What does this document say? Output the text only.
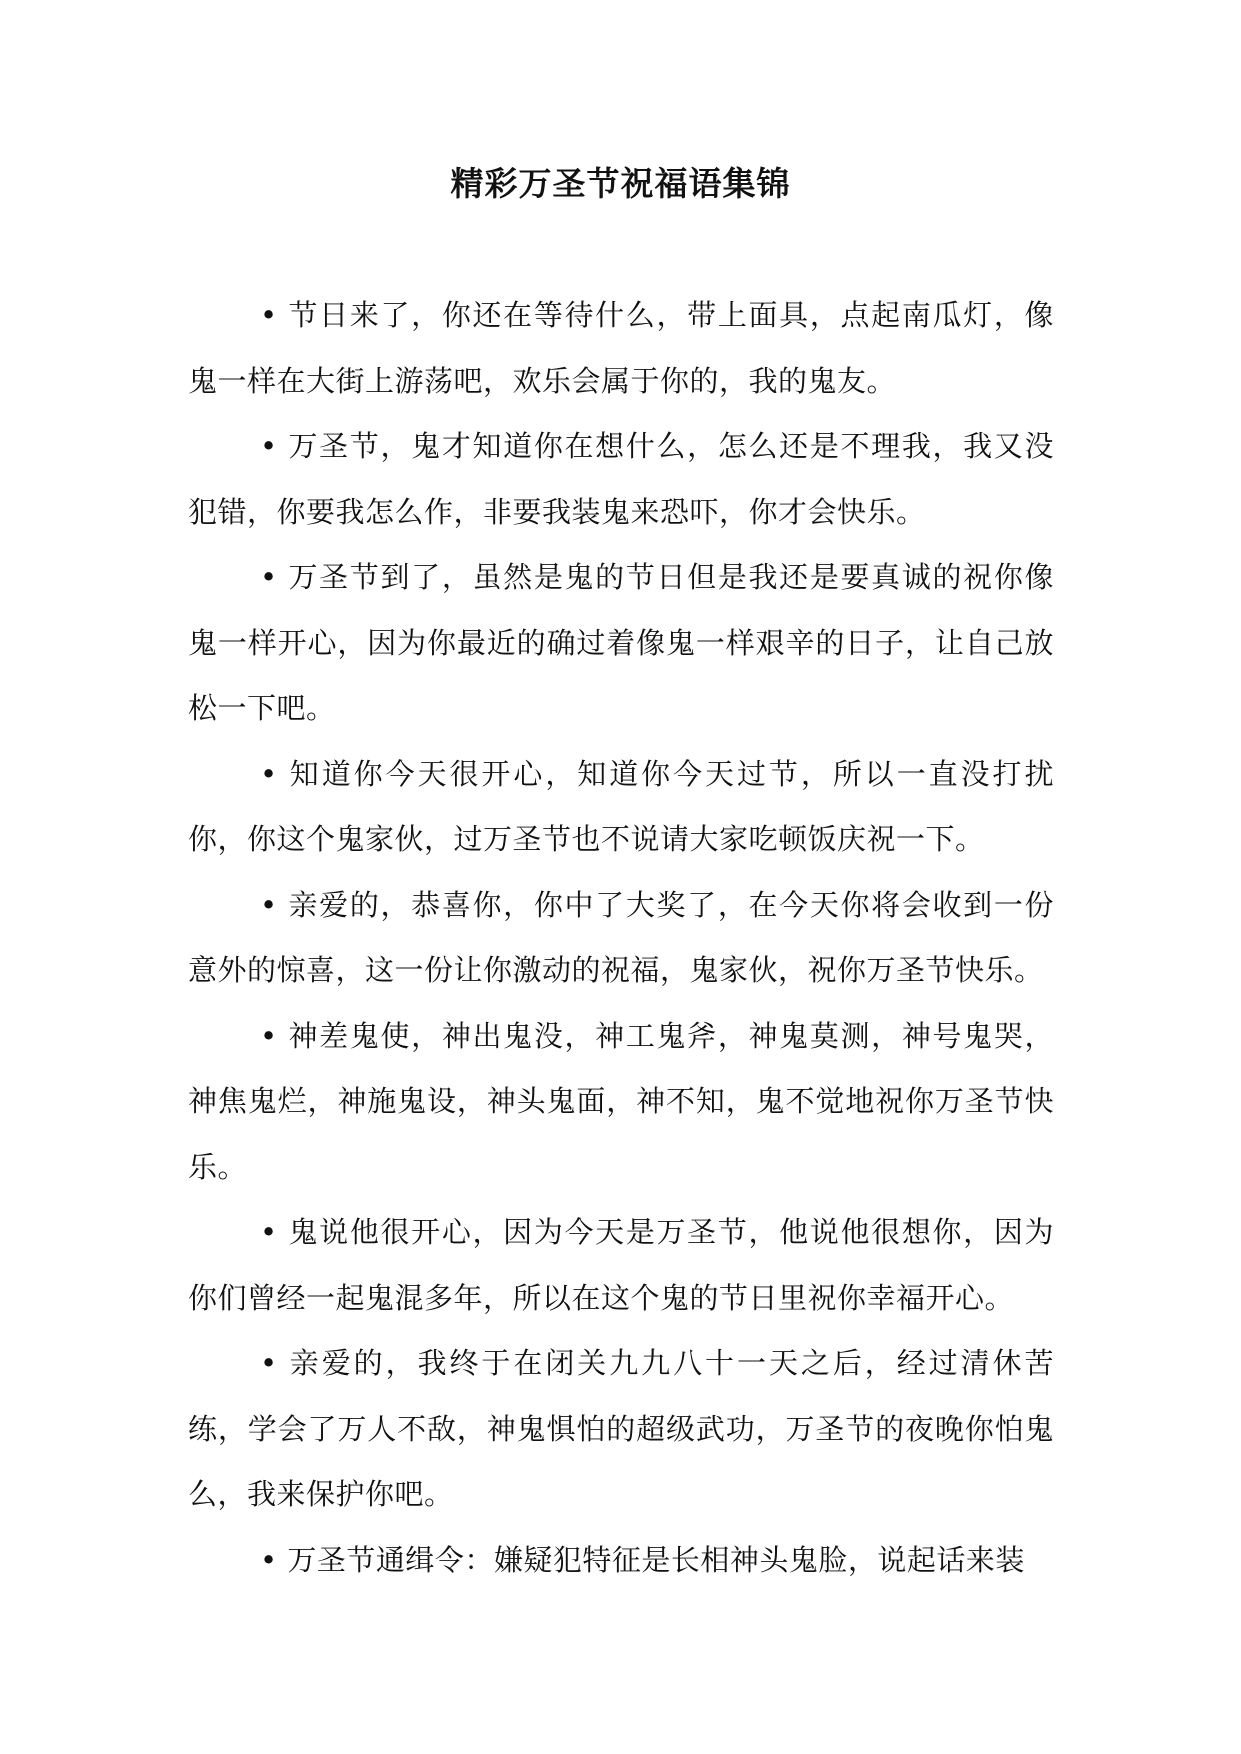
精彩万圣节祝福语集锦

• 节日来了，你还在等待什么，带上面具，点起南瓜灯，像鬼一样在大街上游荡吧，欢乐会属于你的，我的鬼友。

• 万圣节，鬼才知道你在想什么，怎么还是不理我，我又没犯错，你要我怎么作，非要我装鬼来恐吓，你才会快乐。

• 万圣节到了，虽然是鬼的节日但是我还是要真诚的祝你像鬼一样开心，因为你最近的确过着像鬼一样艰辛的日子，让自己放松一下吧。

• 知道你今天很开心，知道你今天过节，所以一直没打扰你，你这个鬼家伙，过万圣节也不说请大家吃顿饭庆祝一下。

• 亲爱的，恭喜你，你中了大奖了，在今天你将会收到一份意外的惊喜，这一份让你激动的祝福，鬼家伙，祝你万圣节快乐。

• 神差鬼使，神出鬼没，神工鬼斧，神鬼莫测，神号鬼哭，神焦鬼烂，神施鬼设，神头鬼面，神不知，鬼不觉地祝你万圣节快乐。

• 鬼说他很开心，因为今天是万圣节，他说他很想你，因为你们曾经一起鬼混多年，所以在这个鬼的节日里祝你幸福开心。

• 亲爱的，我终于在闭关九九八十一天之后，经过清休苦练，学会了万人不敌，神鬼惧怕的超级武功，万圣节的夜晚你怕鬼么，我来保护你吧。

• 万圣节通缉令：嫌疑犯特征是长相神头鬼脸，说起话来装
